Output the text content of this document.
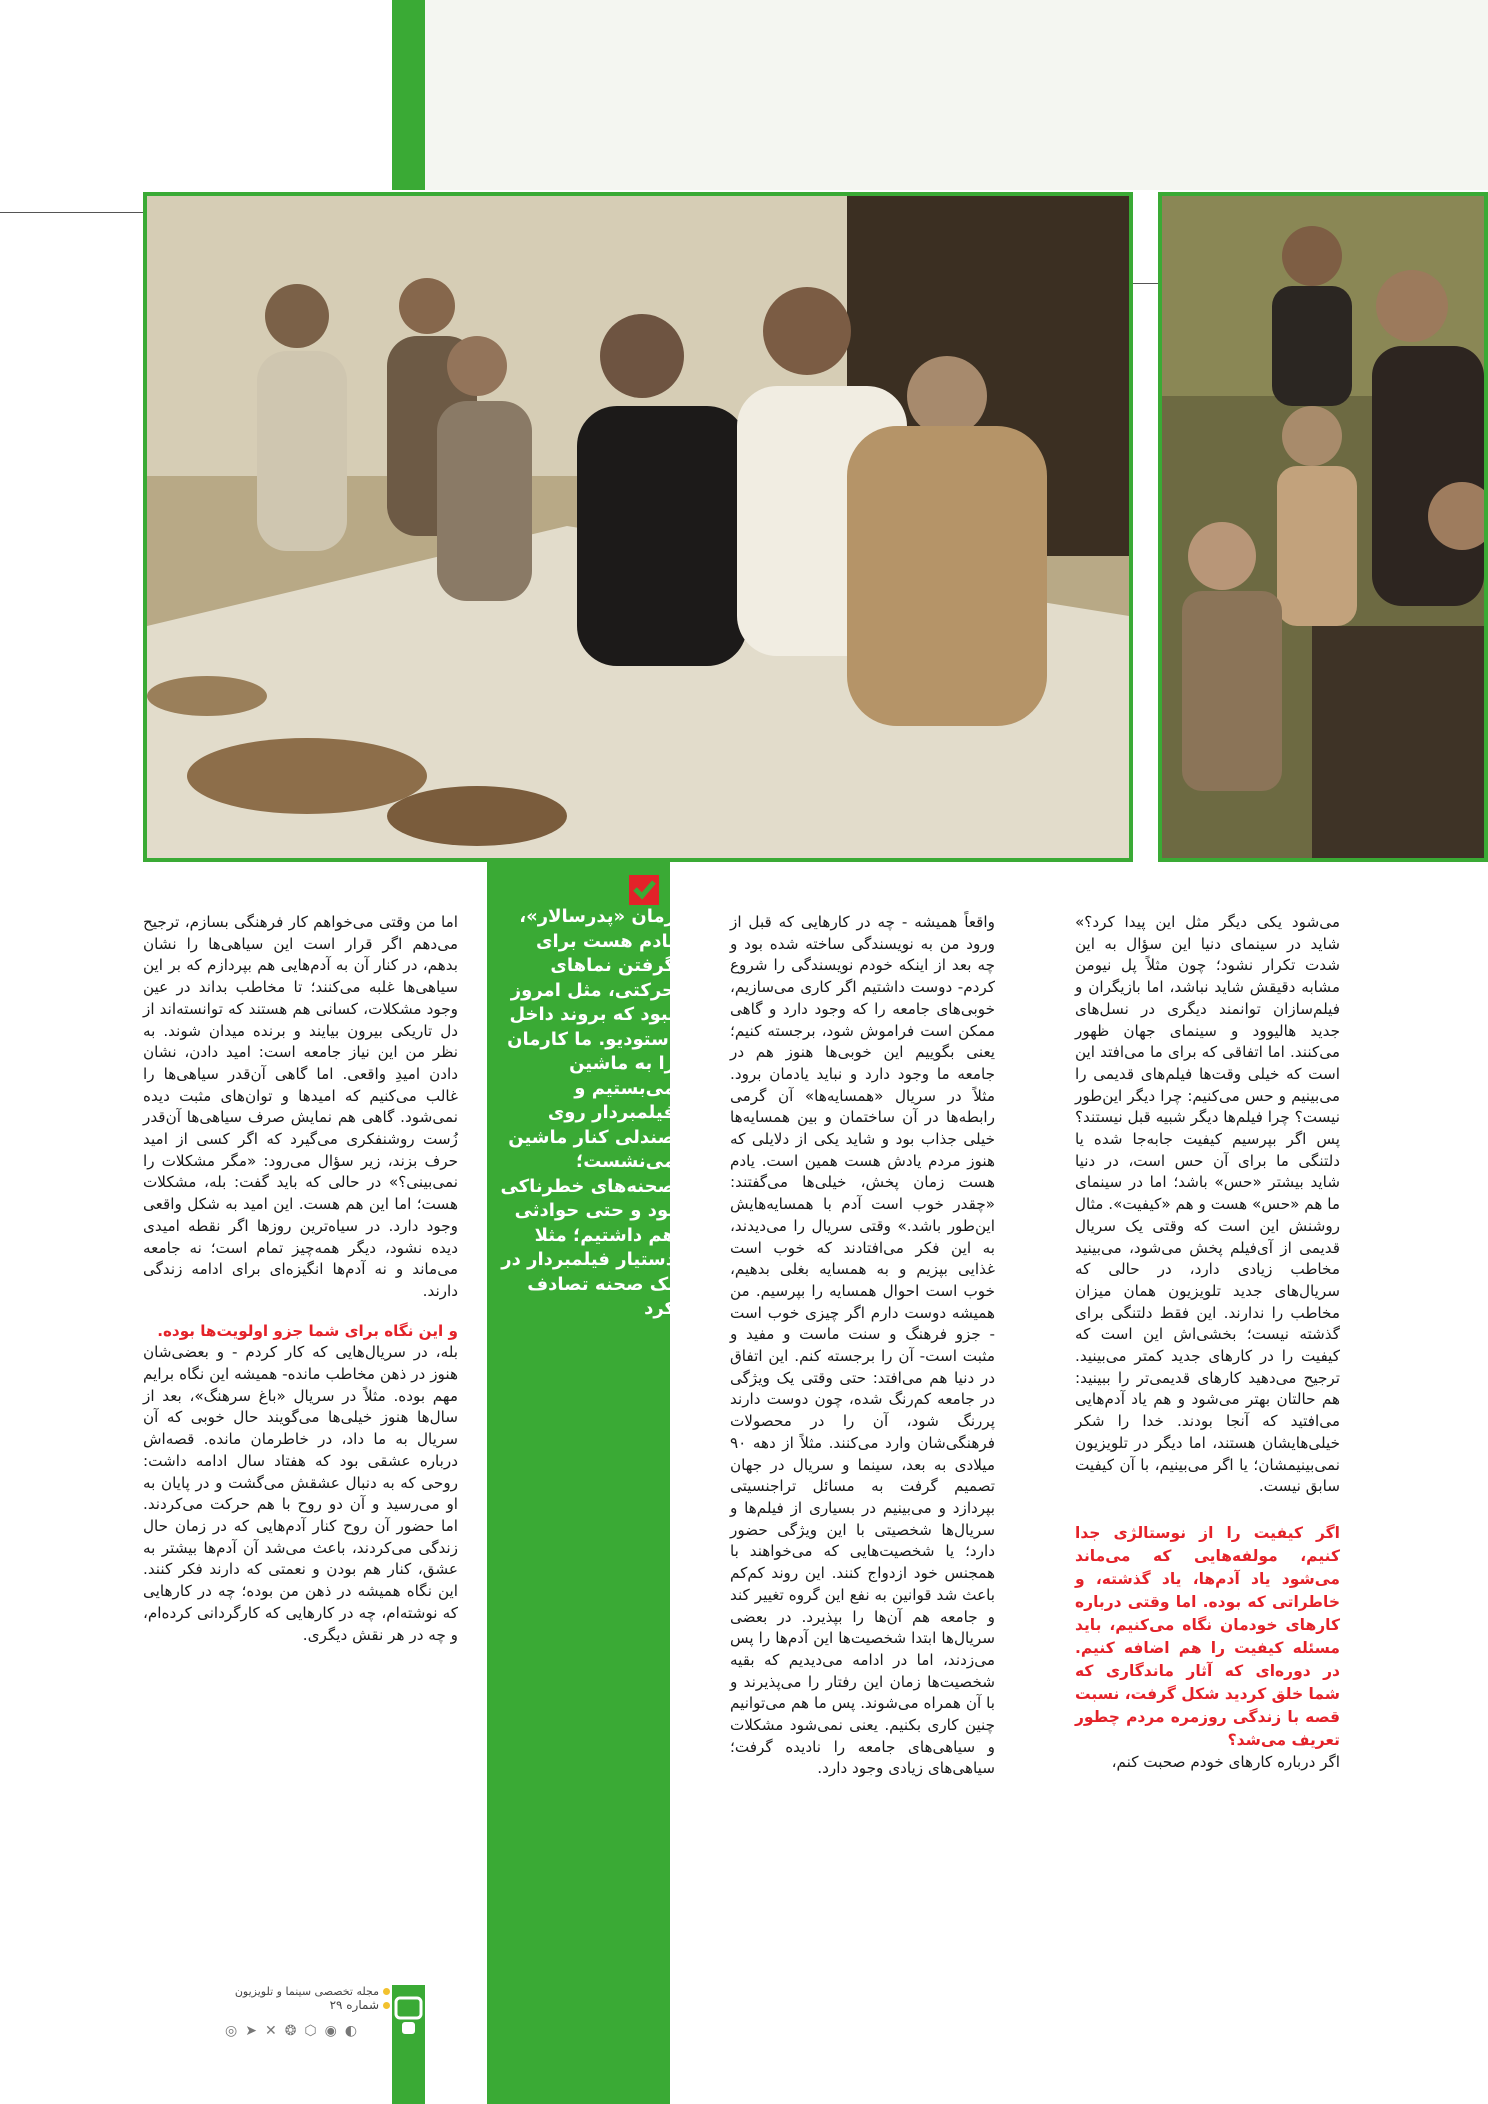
زمان «پدرسالار»، یادم هست برای گرفتن نماهای حرکتی، مثل امروز نبود که بروند داخل استودیو. ما کارمان را به ماشین می‌بستیم و فیلمبردار روی صندلی کنار ماشین می‌نشست؛ صحنه‌های خطرناکی بود و حتی حوادثی هم داشتیم؛ مثلا دستیار فیلمبردار در یک صحنه تصادف کرد

می‌شود یکی دیگر مثل این پیدا کرد؟» شاید در سینمای دنیا این سؤال به این شدت تکرار نشود؛ چون مثلاً پل نیومن مشابه دقیقش شاید نباشد، اما بازیگران و فیلم‌سازان توانمند دیگری در نسل‌های جدید هالیوود و سینمای جهان ظهور می‌کنند. اما اتفاقی که برای ما می‌افتد این است که خیلی وقت‌ها فیلم‌های قدیمی را می‌بینیم و حس می‌کنیم: چرا دیگر این‌طور نیست؟ چرا فیلم‌ها دیگر شبیه قبل نیستند؟ پس اگر بپرسیم کیفیت جابه‌جا شده یا دلتنگی ما برای آن حس است، در دنیا شاید بیشتر «حس» باشد؛ اما در سینمای ما هم «حس» هست و هم «کیفیت». مثال روشنش این است که وقتی یک سریال قدیمی از آی‌فیلم پخش می‌شود، می‌بینید مخاطب زیادی دارد، در حالی که سریال‌های جدید تلویزیون همان میزان مخاطب را ندارند. این فقط دلتنگی برای گذشته نیست؛ بخشی‌اش این است که کیفیت را در کارهای جدید کمتر می‌بینید. ترجیح می‌دهید کارهای قدیمی‌تر را ببینید: هم حالتان بهتر می‌شود و هم یاد آدم‌هایی می‌افتید که آنجا بودند. خدا را شکر خیلی‌هایشان هستند، اما دیگر در تلویزیون نمی‌بینیمشان؛ یا اگر می‌بینیم، با آن کیفیت سابق نیست.

اگر کیفیت را از نوستالژی جدا کنیم، مولفه‌هایی که می‌ماند می‌شود یاد آدم‌ها، یاد گذشته، و خاطراتی که بوده. اما وقتی درباره کارهای خودمان نگاه می‌کنیم، باید مسئله کیفیت را هم اضافه کنیم. در دوره‌ای که آثار ماندگاری که شما خلق کردید شکل گرفت، نسبت قصه با زندگی روزمره مردم چطور تعریف می‌شد؟

اگر درباره کارهای خودم صحبت کنم،

واقعاً همیشه - چه در کارهایی که قبل از ورود من به نویسندگی ساخته شده بود و چه بعد از اینکه خودم نویسندگی را شروع کردم- دوست داشتیم اگر کاری می‌سازیم، خوبی‌های جامعه را که وجود دارد و گاهی ممکن است فراموش شود، برجسته کنیم؛ یعنی بگوییم این خوبی‌ها هنوز هم در جامعه ما وجود دارد و نباید یادمان برود. مثلاً در سریال «همسایه‌ها» آن گرمی رابطه‌ها در آن ساختمان و بین همسایه‌ها خیلی جذاب بود و شاید یکی از دلایلی که هنوز مردم یادش هست همین است. یادم هست زمان پخش، خیلی‌ها می‌گفتند: «چقدر خوب است آدم با همسایه‌هایش این‌طور باشد.» وقتی سریال را می‌دیدند، به این فکر می‌افتادند که خوب است غذایی بپزیم و به همسایه بغلی بدهیم، خوب است احوال همسایه را بپرسیم. من همیشه دوست دارم اگر چیزی خوب است - جزو فرهنگ و سنت ماست و مفید و مثبت است- آن را برجسته کنم. این اتفاق در دنیا هم می‌افتد: حتی وقتی یک ویژگی در جامعه کم‌رنگ شده، چون دوست دارند پررنگ شود، آن را در محصولات فرهنگی‌شان وارد می‌کنند. مثلاً از دهه ۹۰ میلادی به بعد، سینما و سریال در جهان تصمیم گرفت به مسائل تراجنسیتی بپردازد و می‌بینیم در بسیاری از فیلم‌ها و سریال‌ها شخصیتی با این ویژگی حضور دارد؛ یا شخصیت‌هایی که می‌خواهند با همجنس خود ازدواج کنند. این روند کم‌کم باعث شد قوانین به نفع این گروه تغییر کند و جامعه هم آن‌ها را بپذیرد. در بعضی سریال‌ها ابتدا شخصیت‌ها این آدم‌ها را پس می‌زدند، اما در ادامه می‌دیدیم که بقیه شخصیت‌ها زمان این رفتار را می‌پذیرند و با آن همراه می‌شوند. پس ما هم می‌توانیم چنین کاری بکنیم. یعنی نمی‌شود مشکلات و سیاهی‌های جامعه را نادیده گرفت؛ سیاهی‌های زیادی وجود دارد.

اما من وقتی می‌خواهم کار فرهنگی بسازم، ترجیح می‌دهم اگر قرار است این سیاهی‌ها را نشان بدهم، در کنار آن به آدم‌هایی هم بپردازم که بر این سیاهی‌ها غلبه می‌کنند؛ تا مخاطب بداند در عین وجود مشکلات، کسانی هم هستند که توانسته‌اند از دل تاریکی بیرون بیایند و برنده میدان شوند. به نظر من این نیاز جامعه است: امید دادن، نشان دادن امیدِ واقعی. اما گاهی آن‌قدر سیاهی‌ها را غالب می‌کنیم که امیدها و توان‌های مثبت دیده نمی‌شود. گاهی هم نمایش صرف سیاهی‌ها آن‌قدر زُست روشنفکری می‌گیرد که اگر کسی از امید حرف بزند، زیر سؤال می‌رود: «مگر مشکلات را نمی‌بینی؟» در حالی که باید گفت: بله، مشکلات هست؛ اما این هم هست. این امید به شکل واقعی وجود دارد. در سیاه‌ترین روزها اگر نقطه امیدی دیده نشود، دیگر همه‌چیز تمام است؛ نه جامعه می‌ماند و نه آدم‌ها انگیزه‌ای برای ادامه زندگی دارند.

و این نگاه برای شما جزو اولویت‌ها بوده.

بله، در سریال‌هایی که کار کردم - و بعضی‌شان هنوز در ذهن مخاطب مانده- همیشه این نگاه برایم مهم بوده. مثلاً در سریال «باغ سرهنگ»، بعد از سال‌ها هنوز خیلی‌ها می‌گویند حال خوبی که آن سریال به ما داد، در خاطرمان مانده. قصه‌اش درباره عشقی بود که هفتاد سال ادامه داشت: روحی که به دنبال عشقش می‌گشت و در پایان به او می‌رسید و آن دو روح با هم حرکت می‌کردند. اما حضور آن روح کنار آدم‌هایی که در زمان حال زندگی می‌کردند، باعث می‌شد آن آدم‌ها بیشتر به عشق، کنار هم بودن و نعمتی که دارند فکر کنند. این نگاه همیشه در ذهن من بوده؛ چه در کارهایی که نوشته‌ام، چه در کارهایی که کارگردانی کرده‌ام، و چه در هر نقش دیگری.

مجله تخصصی سینما و تلویزیون
شماره ۲۹
◎ ➤ ✕ ❂ ⬡ ◉ ◐
